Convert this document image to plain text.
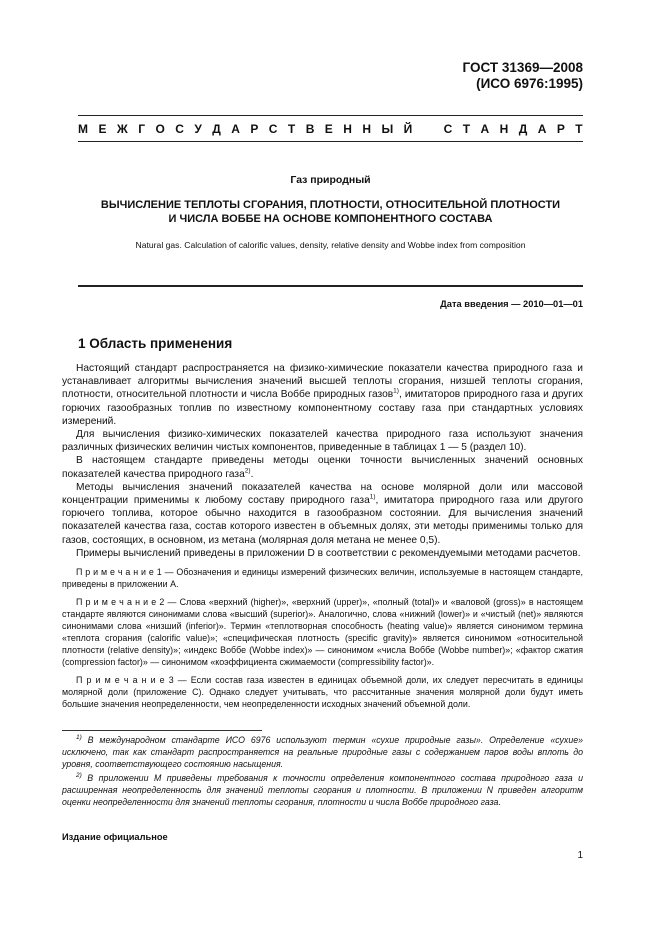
ГОСТ 31369—2008
(ИСО 6976:1995)
М Е Ж Г О С У Д А Р С Т В Е Н Н Ы Й	С Т А Н Д А Р Т
Газ природный
ВЫЧИСЛЕНИЕ ТЕПЛОТЫ СГОРАНИЯ, ПЛОТНОСТИ, ОТНОСИТЕЛЬНОЙ ПЛОТНОСТИ
И ЧИСЛА ВОББЕ НА ОСНОВЕ КОМПОНЕНТНОГО СОСТАВА
Natural gas. Calculation of calorific values, density, relative density and Wobbe index from composition
Дата введения — 2010—01—01
1 Область применения

Настоящий стандарт распространяется на физико-химические показатели качества природного газа и устанавливает алгоритмы вычисления значений высшей теплоты сгорания, низшей теплоты сгорания, плотности, относительной плотности и числа Воббе природных газов$^{1)}$, имитаторов природного газа и других горючих газообразных топлив по известному компонентному составу газа при стандартных условиях измерений.

Для вычисления физико-химических показателей качества природного газа используют значения различных физических величин чистых компонентов, приведенные в таблицах 1 — 5 (раздел 10).

В настоящем стандарте приведены методы оценки точности вычисленных значений основных показателей качества природного газа$^{2)}$.

Методы вычисления значений показателей качества на основе молярной доли или массовой концентрации применимы к любому составу природного газа$^{1)}$, имитатора природного газа или другого горючего топлива, которое обычно находится в газообразном состоянии. Для вычисления значений показателей качества газа, состав которого известен в объемных долях, эти методы применимы только для газов, состоящих, в основном, из метана (молярная доля метана не менее 0,5).

Примеры вычислений приведены в приложении D в соответствии с рекомендуемыми методами расчетов.

П р и м е ч а н и е 1 — Обозначения и единицы измерений физических величин, используемые в настоящем стандарте, приведены в приложении А.

П р и м е ч а н и е 2 — Слова «верхний (higher)», «верхний (upper)», «полный (total)» и «валовой (gross)» в настоящем стандарте являются синонимами слова «высший (superior)». Аналогично, слова «нижний (lower)» и «чистый (net)» являются синонимами слова «низший (inferior)». Термин «теплотворная способность (heating value)» является синонимом термина «теплота сгорания (calorific value)»; «специфическая плотность (specific gravity)» является синонимом «относительной плотности (relative density)»; «индекс Воббе (Wobbe index)» — синонимом «числа Воббе (Wobbe number)»; «фактор сжатия (compression factor)» — синонимом «коэффициента сжимаемости (compressibility factor)».

П р и м е ч а н и е 3 — Если состав газа известен в единицах объемной доли, их следует пересчитать в единицы молярной доли (приложение С). Однако следует учитывать, что рассчитанные значения молярной доли будут иметь большие значения неопределенности, чем неопределенности исходных значений объемной доли.

$^{1)}$ В международном стандарте ИСО 6976 используют термин «сухие природные газы». Определение «сухие» исключено, так как стандарт распространяется на реальные природные газы с содержанием паров воды вплоть до уровня, соответствующего состоянию насыщения.

$^{2)}$ В приложении М приведены требования к точности определения компонентного состава природного газа и расширенная неопределенность для значений теплоты сгорания и плотности. В приложении N приведен алгоритм оценки неопределенности для значений теплоты сгорания, плотности и числа Воббе природного газа.

Издание официальное
1
